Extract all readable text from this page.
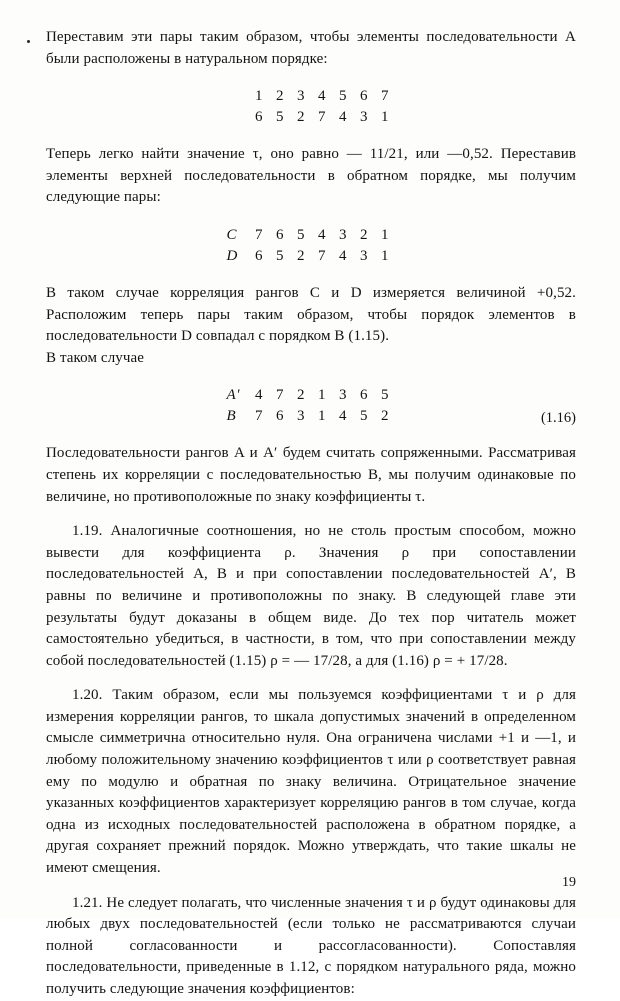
Переставим эти пары таким образом, чтобы элементы последовательности A были расположены в натуральном порядке:

1 2 3 4 5 6 7
6 5 2 7 4 3 1

Теперь легко найти значение τ, оно равно — 11/21, или —0,52. Переставив элементы верхней последовательности в обратном порядке, мы получим следующие пары:

C	7 6 5 4 3 2 1
D	6 5 2 7 4 3 1

В таком случае корреляция рангов C и D измеряется величиной +0,52. Расположим теперь пары таким образом, чтобы порядок элементов в последовательности D совпадал с порядком B (1.15).

В таком случае

A′ 4 7 2 1 3 6 5
B	7 6 3 1 4 5 2	(1.16)

Последовательности рангов A и A′ будем считать сопряженными. Рассматривая степень их корреляции с последовательностью B, мы получим одинаковые по величине, но противоположные по знаку коэффициенты τ.

1.19. Аналогичные соотношения, но не столь простым способом, можно вывести для коэффициента ρ. Значения ρ при сопоставлении последовательностей A, B и при сопоставлении последовательностей A′, B равны по величине и противоположны по знаку. В следующей главе эти результаты будут доказаны в общем виде. До тех пор читатель может самостоятельно убедиться, в частности, в том, что при сопоставлении между собой последовательностей (1.15) ρ = — 17/28, а для (1.16) ρ = + 17/28.

1.20. Таким образом, если мы пользуемся коэффициентами τ и ρ для измерения корреляции рангов, то шкала допустимых значений в определенном смысле симметрична относительно нуля. Она ограничена числами +1 и —1, и любому положительному значению коэффициентов τ или ρ соответствует равная ему по модулю и обратная по знаку величина. Отрицательное значение указанных коэффициентов характеризует корреляцию рангов в том случае, когда одна из исходных последовательностей расположена в обратном порядке, а другая сохраняет прежний порядок. Можно утверждать, что такие шкалы не имеют смещения.

1.21. Не следует полагать, что численные значения τ и ρ будут одинаковы для любых двух последовательностей (если только не рассматриваются случаи полной согласованности и рассогласованности). Сопоставляя последовательности, приведенные в 1.12, с порядком натурального ряда, можно получить следующие значения коэффициентов:

19
